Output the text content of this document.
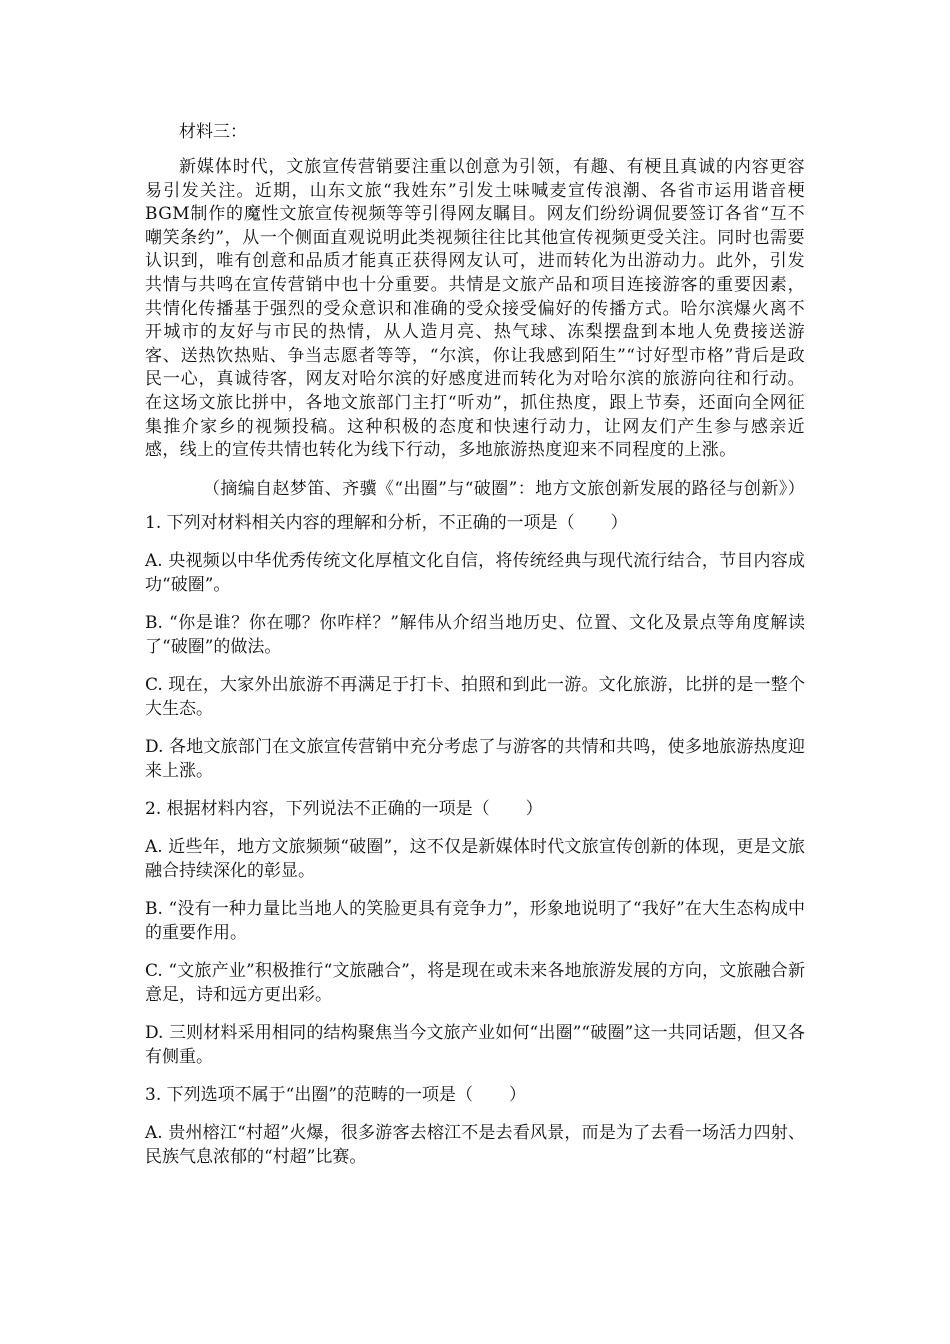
材料三：

新媒体时代，文旅宣传营销要注重以创意为引领，有趣、有梗且真诚的内容更容易引发关注。近期，山东文旅“我姓东”引发土味喊麦宣传浪潮、各省市运用谐音梗BGM制作的魔性文旅宣传视频等等引得网友瞩目。网友们纷纷调侃要签订各省“互不嘲笑条约”，从一个侧面直观说明此类视频往往比其他宣传视频更受关注。同时也需要认识到，唯有创意和品质才能真正获得网友认可，进而转化为出游动力。此外，引发共情与共鸣在宣传营销中也十分重要。共情是文旅产品和项目连接游客的重要因素，共情化传播基于强烈的受众意识和准确的受众接受偏好的传播方式。哈尔滨爆火离不开城市的友好与市民的热情，从人造月亮、热气球、冻梨摆盘到本地人免费接送游客、送热饮热贴、争当志愿者等等，“尔滨，你让我感到陌生”“讨好型市格”背后是政民一心，真诚待客，网友对哈尔滨的好感度进而转化为对哈尔滨的旅游向往和行动。在这场文旅比拼中，各地文旅部门主打“听劝”，抓住热度，跟上节奏，还面向全网征集推介家乡的视频投稿。这种积极的态度和快速行动力，让网友们产生参与感亲近感，线上的宣传共情也转化为线下行动，多地旅游热度迎来不同程度的上涨。

（摘编自赵梦笛、齐骥《“出圈”与“破圈”：地方文旅创新发展的路径与创新》）

1. 下列对材料相关内容的理解和分析，不正确的一项是（ ）

A. 央视频以中华优秀传统文化厚植文化自信，将传统经典与现代流行结合，节目内容成功“破圈”。

B. “你是谁？你在哪？你咋样？”解伟从介绍当地历史、位置、文化及景点等角度解读了“破圈”的做法。

C. 现在，大家外出旅游不再满足于打卡、拍照和到此一游。文化旅游，比拼的是一整个大生态。

D. 各地文旅部门在文旅宣传营销中充分考虑了与游客的共情和共鸣，使多地旅游热度迎来上涨。

2. 根据材料内容，下列说法不正确的一项是（ ）

A. 近些年，地方文旅频频“破圈”，这不仅是新媒体时代文旅宣传创新的体现，更是文旅融合持续深化的彰显。

B. “没有一种力量比当地人的笑脸更具有竞争力”，形象地说明了“我好”在大生态构成中的重要作用。

C. “文旅产业”积极推行“文旅融合”，将是现在或未来各地旅游发展的方向，文旅融合新意足，诗和远方更出彩。

D. 三则材料采用相同的结构聚焦当今文旅产业如何“出圈”“破圈”这一共同话题，但又各有侧重。

3. 下列选项不属于“出圈”的范畴的一项是（ ）

A. 贵州榕江“村超”火爆，很多游客去榕江不是去看风景，而是为了去看一场活力四射、民族气息浓郁的“村超”比赛。
